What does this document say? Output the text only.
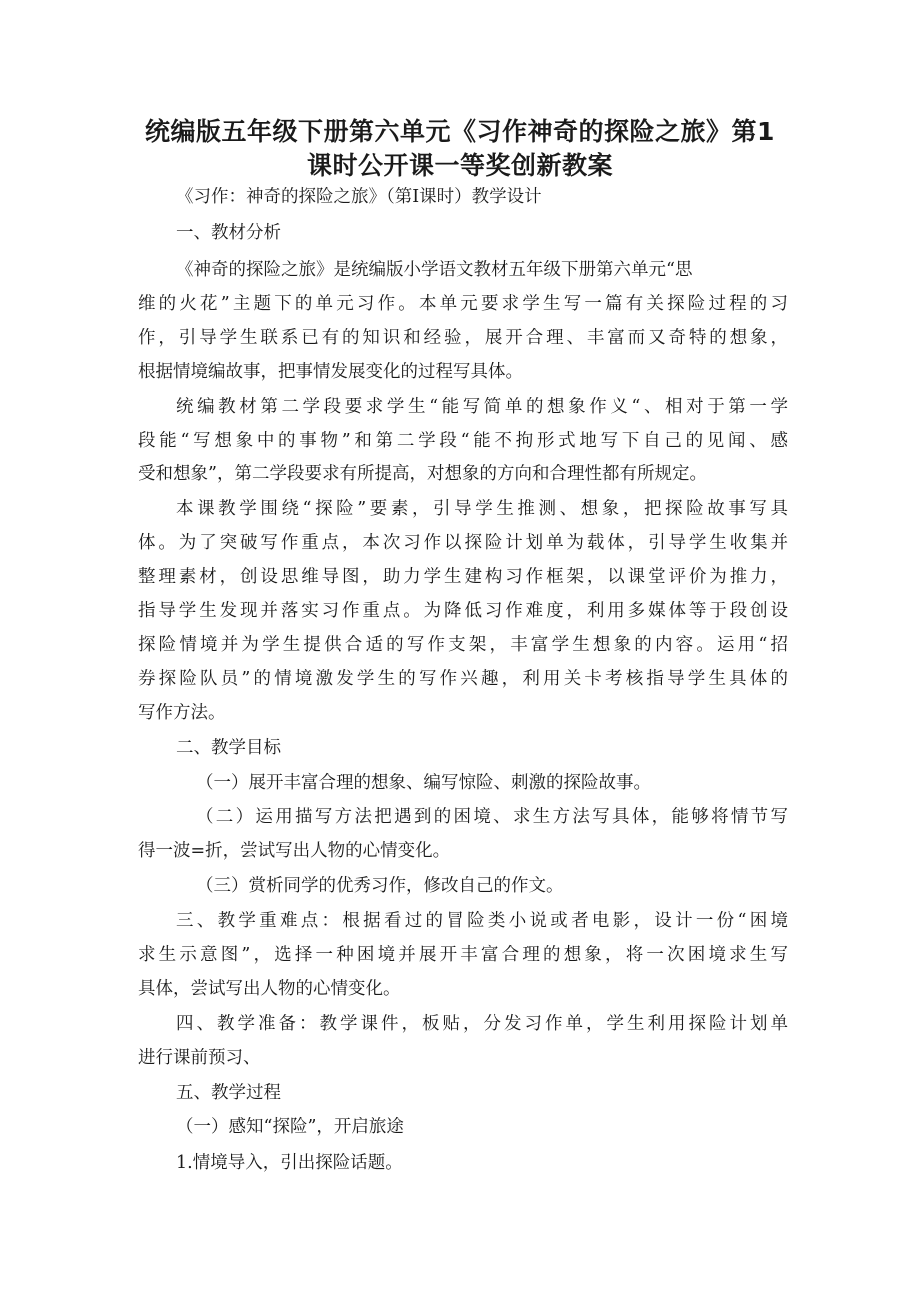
统编版五年级下册第六单元《习作神奇的探险之旅》第1
课时公开课一等奖创新教案
《习作：神奇的探险之旅》（第Ⅰ课时）教学设计
一、教材分析
《神奇的探险之旅》是统编版小学语文教材五年级下册第六单元“思
维的火花”主题下的单元习作。本单元要求学生写一篇有关探险过程的习
作，引导学生联系已有的知识和经验，展开合理、丰富而又奇特的想象，
根据情境编故事，把事情发展变化的过程写具体。
统编教材第二学段要求学生“能写简单的想象作义“、相对于第一学
段能“写想象中的事物”和第二学段“能不拘形式地写下自己的见闻、感
受和想象”，第二学段要求有所提高，对想象的方向和合理性都有所规定。
本课教学围绕“探险”要素，引导学生推测、想象，把探险故事写具
体。为了突破写作重点，本次习作以探险计划单为载体，引导学生收集并
整理素材，创设思维导图，助力学生建构习作框架，以课堂评价为推力，
指导学生发现并落实习作重点。为降低习作难度，利用多媒体等于段创设
探险情境并为学生提供合适的写作支架，丰富学生想象的内容。运用“招
券探险队员”的情境激发学生的写作兴趣，利用关卡考核指导学生具体的
写作方法。
二、教学目标
（一）展开丰富合理的想象、编写惊险、刺激的探险故事。
（二）运用描写方法把遇到的困境、求生方法写具体，能够将情节写
得一波=折，尝试写出人物的心情变化。
（三）赏析同学的优秀习作，修改自己的作文。
三、教学重难点：根据看过的冒险类小说或者电影，设计一份“困境
求生示意图”，选择一种困境并展开丰富合理的想象，将一次困境求生写
具体，尝试写出人物的心情变化。
四、教学准备：教学课件，板贴，分发习作单，学生利用探险计划单
进行课前预习、
五、教学过程
（一）感知“探险”，开启旅途
1.情境导入，引出探险话题。
